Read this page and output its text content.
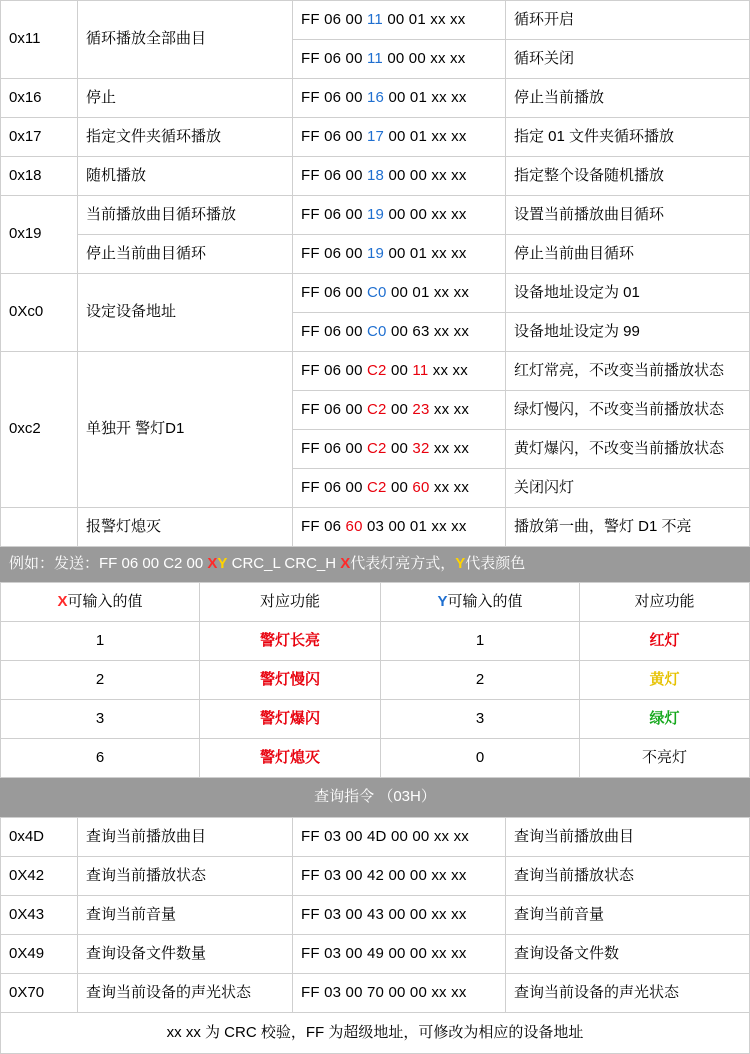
0x11	循环播放全部曲目	FF 06 00 11 00 01 xx xx	循环开启
		FF 06 00 11 00 00 xx xx	循环关闭
0x16	停止	FF 06 00 16 00 01 xx xx	停止当前播放
0x17	指定文件夹循环播放	FF 06 00 17 00 01 xx xx	指定 01 文件夹循环播放
0x18	随机播放	FF 06 00 18 00 00 xx xx	指定整个设备随机播放
0x19	当前播放曲目循环播放	FF 06 00 19 00 00 xx xx	设置当前播放曲目循环
	停止当前曲目循环	FF 06 00 19 00 01 xx xx	停止当前曲目循环
0Xc0	设定设备地址	FF 06 00 C0 00 01 xx xx	设备地址设定为 01
		FF 06 00 C0 00 63 xx xx	设备地址设定为 99
0xc2	单独开 警灯D1	FF 06 00 C2 00 11 xx xx	红灯常亮，不改变当前播放状态
		FF 06 00 C2 00 23 xx xx	绿灯慢闪，不改变当前播放状态
		FF 06 00 C2 00 32 xx xx	黄灯爆闪，不改变当前播放状态
		FF 06 00 C2 00 60 xx xx	关闭闪灯
	报警灯熄灭	FF 06 60 03 00 01 xx xx	播放第一曲，警灯 D1 不亮
例如：发送：FF 06 00 C2 00 XY CRC_L CRC_H X代表灯亮方式，Y代表颜色			
X可输入的值	对应功能	Y可输入的值	对应功能
1	警灯长亮	1	红灯
2	警灯慢闪	2	黄灯
3	警灯爆闪	3	绿灯
6	警灯熄灭	0	不亮灯
查询指令 （03H）			
0x4D	查询当前播放曲目	FF 03 00 4D 00 00 xx xx	查询当前播放曲目
0X42	查询当前播放状态	FF 03 00 42 00 00 xx xx	查询当前播放状态
0X43	查询当前音量	FF 03 00 43 00 00 xx xx	查询当前音量
0X49	查询设备文件数量	FF 03 00 49 00 00 xx xx	查询设备文件数
0X70	查询当前设备的声光状态	FF 03 00 70 00 00 xx xx	查询当前设备的声光状态
xx xx 为 CRC 校验，FF 为超级地址，可修改为相应的设备地址			
